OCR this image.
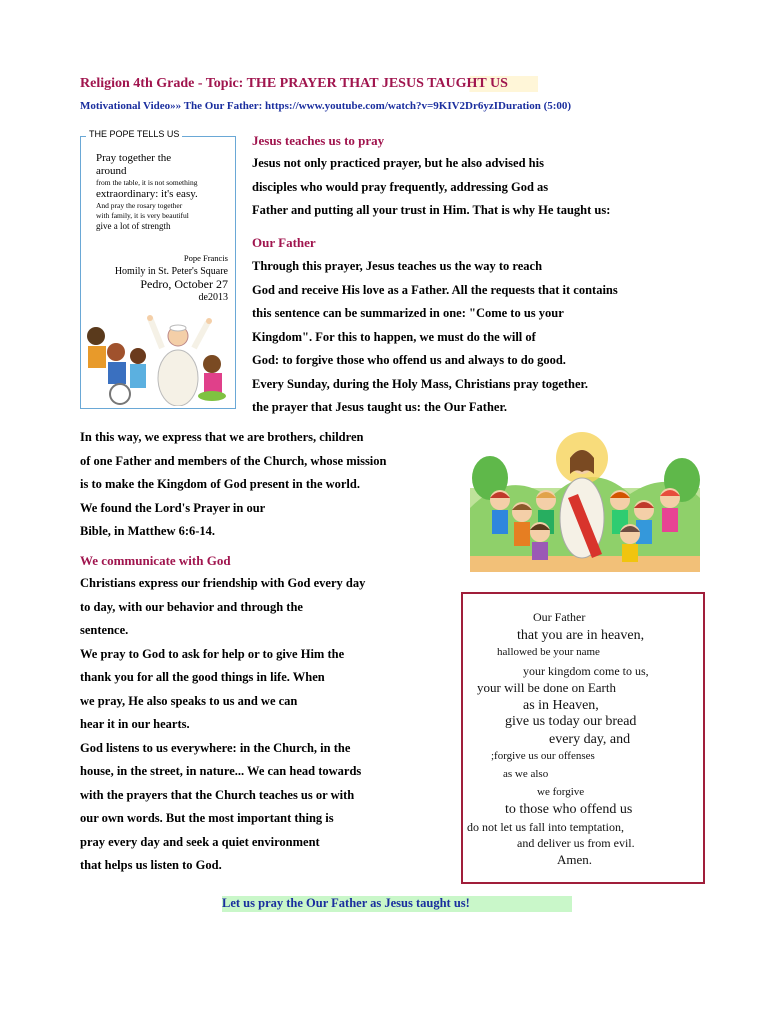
Religion 4th Grade - Topic: THE PRAYER THAT JESUS TAUGHT US
Motivational Video»» The Our Father: https://www.youtube.com/watch?v=9KIV2Dr6yzIDuration (5:00)
THE POPE TELLS US
Pray together the
around
from the table, it is not something
extraordinary: it's easy.
And pray the rosary together
with family, it is very beautiful
give a lot of strength
Pope Francis
Homily in St. Peter's Square
Pedro, October 27
de2013
Jesus teaches us to pray
Jesus not only practiced prayer, but he also advised his
disciples who would pray frequently, addressing God as
Father and putting all your trust in Him. That is why He taught us:
Our Father
Through this prayer, Jesus teaches us the way to reach
God and receive His love as a Father. All the requests that it contains
this sentence can be summarized in one: "Come to us your
Kingdom". For this to happen, we must do the will of
God: to forgive those who offend us and always to do good.
Every Sunday, during the Holy Mass, Christians pray together.
the prayer that Jesus taught us: the Our Father.
In this way, we express that we are brothers, children
of one Father and members of the Church, whose mission
is to make the Kingdom of God present in the world.
We found the Lord's Prayer in our
Bible, in Matthew 6:6-14.
We communicate with God
Christians express our friendship with God every day
to day, with our behavior and through the
sentence.
We pray to God to ask for help or to give Him the
thank you for all the good things in life. When
we pray, He also speaks to us and we can
hear it in our hearts.
God listens to us everywhere: in the Church, in the
house, in the street, in nature... We can head towards
with the prayers that the Church teaches us or with
our own words. But the most important thing is
pray every day and seek a quiet environment
that helps us listen to God.
Our Father
that you are in heaven,
hallowed be your name
your kingdom come to us,
your will be done on Earth
as in Heaven,
give us today our bread
every day, and
;forgive us our offenses
as we also
we forgive
to those who offend us
do not let us fall into temptation,
and deliver us from evil.
Amen.
Let us pray the Our Father as Jesus taught us!
